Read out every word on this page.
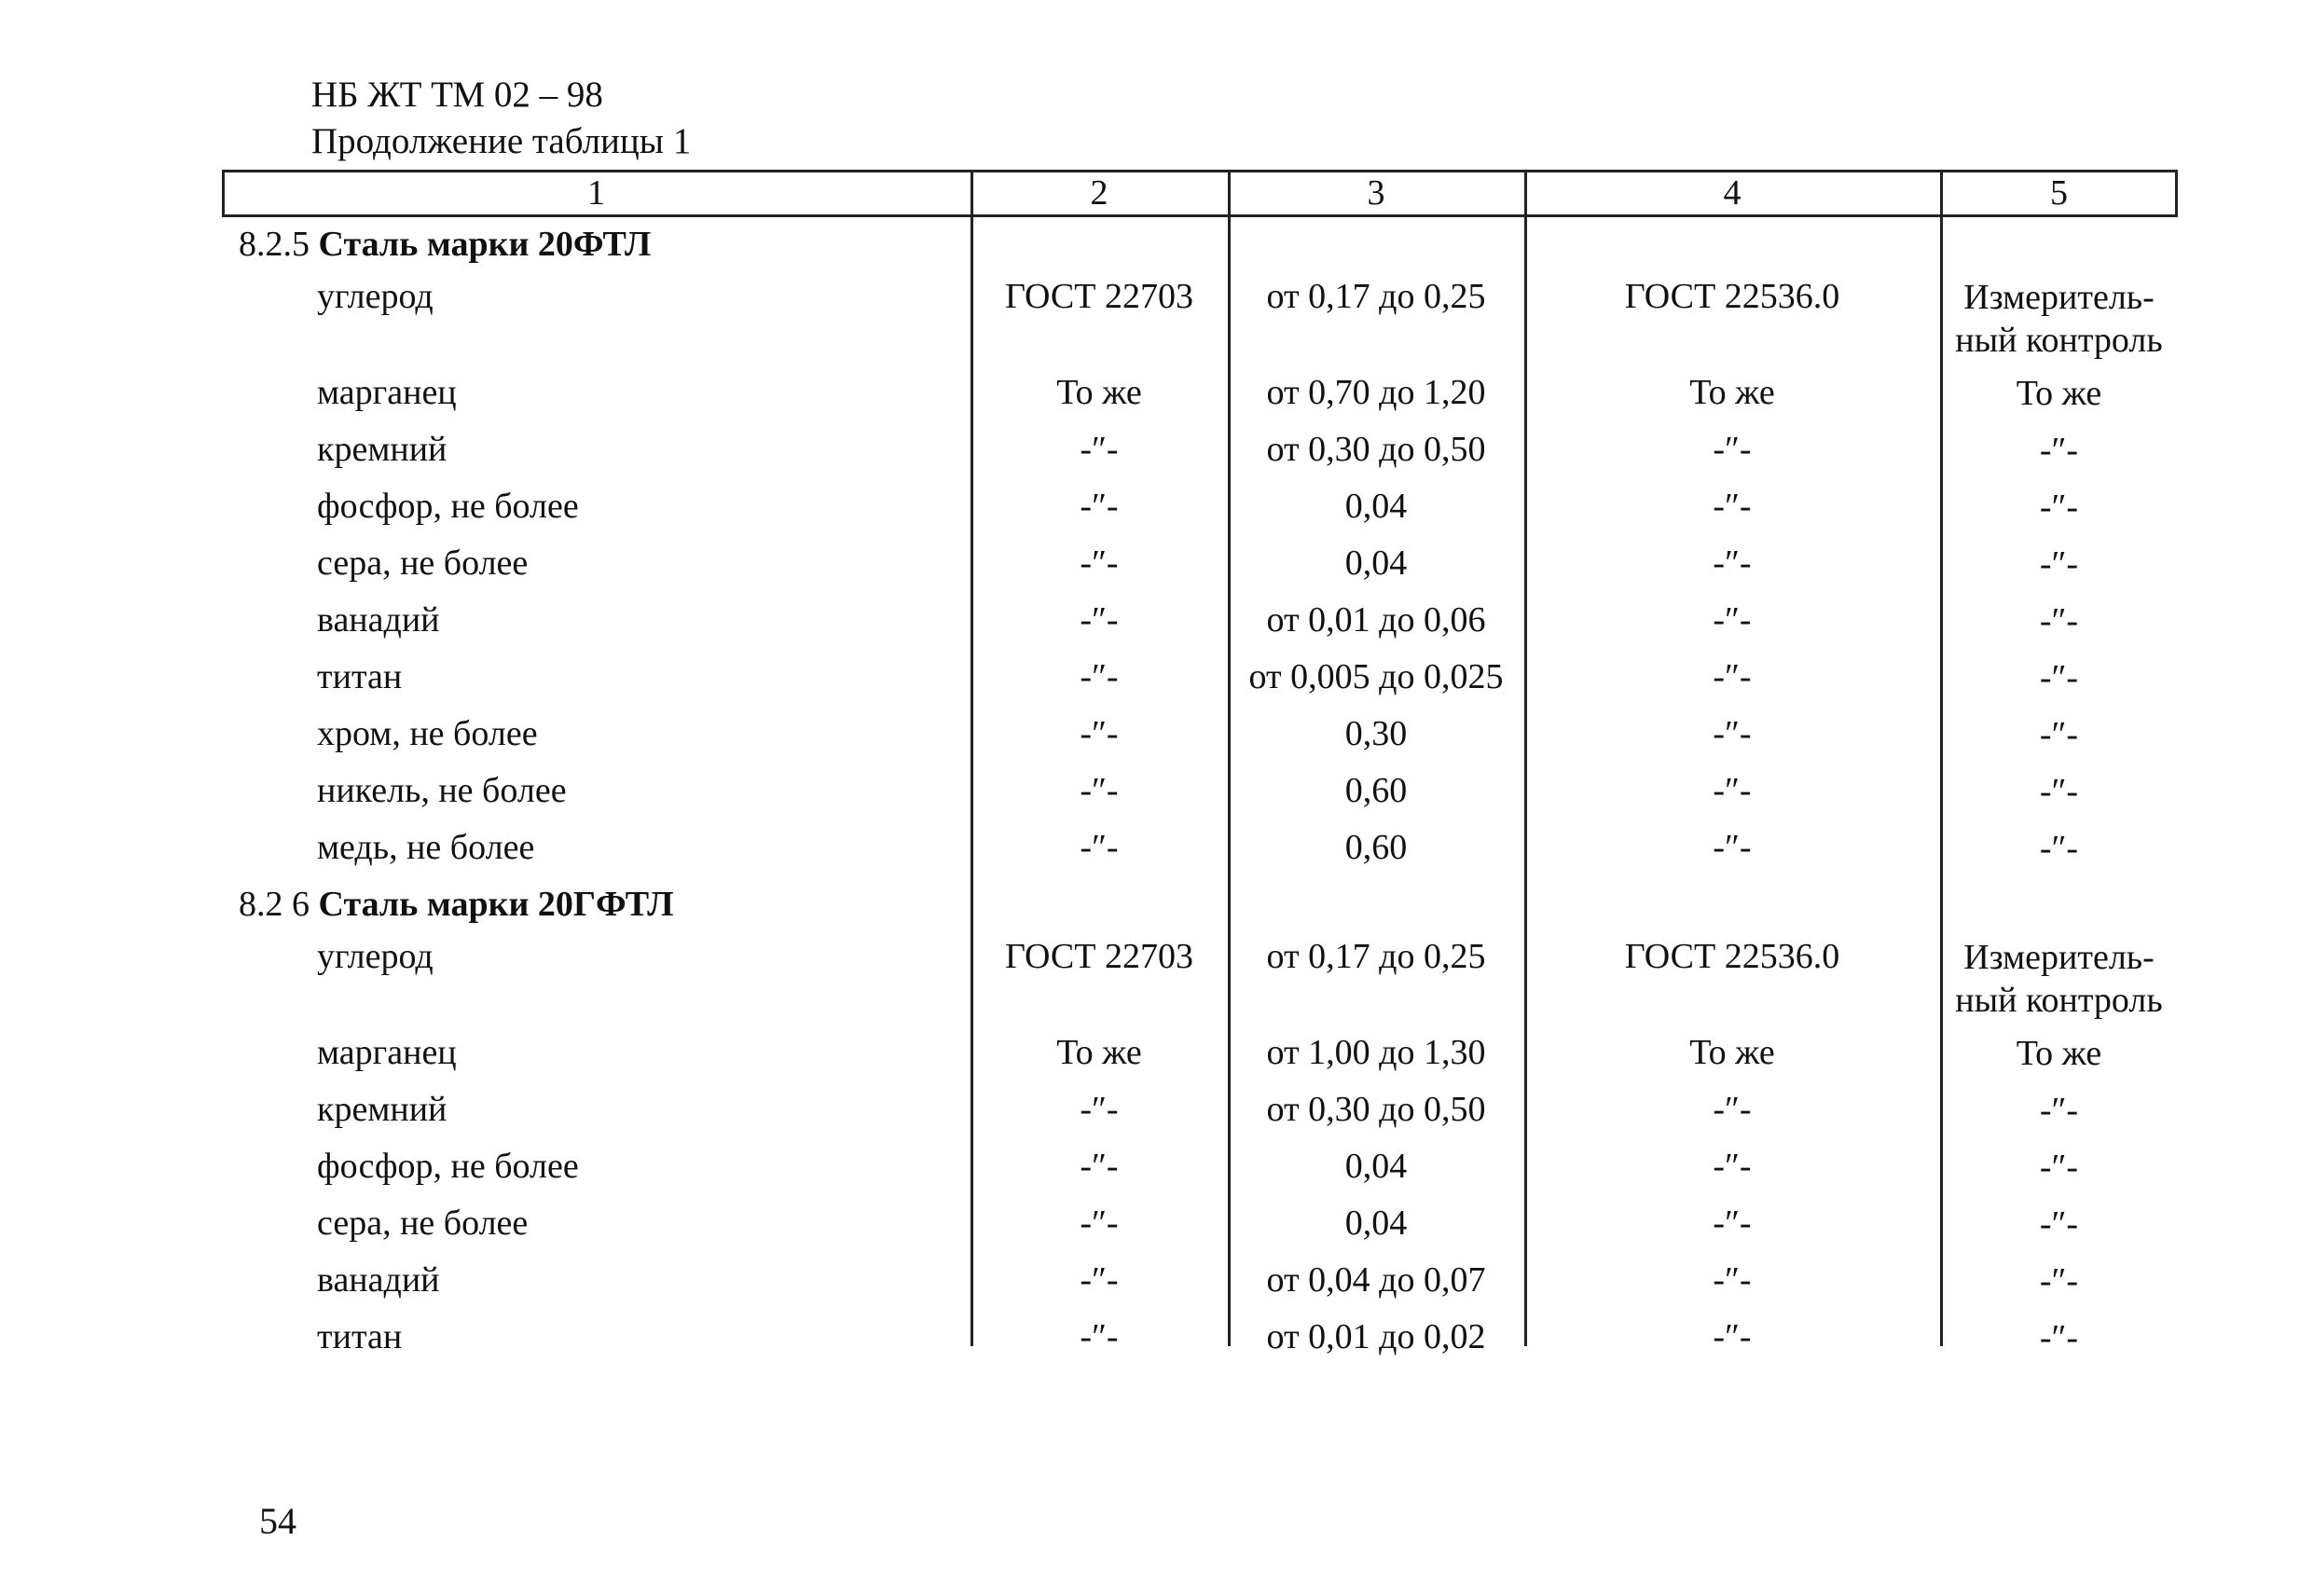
НБ ЖТ ТМ 02 – 98
Продолжение таблицы 1
1	2	3	4	5
8.2.5 Сталь марки 20ФТЛ
углерод	ГОСТ 22703	от 0,17 до 0,25	ГОСТ 22536.0	Измеритель-
ный контроль
марганец	То же	от 0,70 до 1,20	То же	То же
кремний	-″-	от 0,30 до 0,50	-″-	-″-
фосфор, не более	-″-	0,04	-″-	-″-
сера, не более	-″-	0,04	-″-	-″-
ванадий	-″-	от 0,01 до 0,06	-″-	-″-
титан	-″-	от 0,005 до 0,025	-″-	-″-
хром, не более	-″-	0,30	-″-	-″-
никель, не более	-″-	0,60	-″-	-″-
медь, не более	-″-	0,60	-″-	-″-
8.2 6 Сталь марки 20ГФТЛ
углерод	ГОСТ 22703	от 0,17 до 0,25	ГОСТ 22536.0	Измеритель-
ный контроль
марганец	То же	от 1,00 до 1,30	То же	То же
кремний	-″-	от 0,30 до 0,50	-″-	-″-
фосфор, не более	-″-	0,04	-″-	-″-
сера, не более	-″-	0,04	-″-	-″-
ванадий	-″-	от 0,04 до 0,07	-″-	-″-
титан	-″-	от 0,01 до 0,02	-″-	-″-
54
